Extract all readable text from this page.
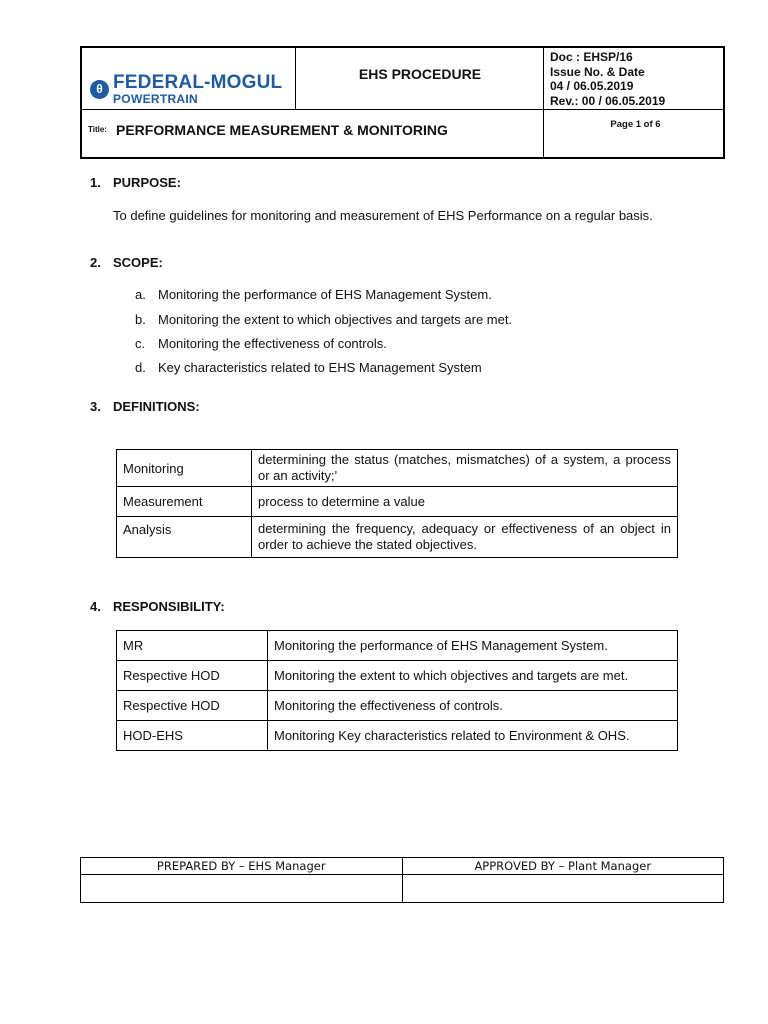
θ FEDERAL-MOGUL
POWERTRAIN
EHS PROCEDURE
Doc : EHSP/16
Issue No. & Date
04 / 06.05.2019
Rev.: 00 / 06.05.2019
Title: PERFORMANCE MEASUREMENT & MONITORING	Page 1 of 6
1. PURPOSE:
To define guidelines for monitoring and measurement of EHS Performance on a regular basis.
2. SCOPE:
a. Monitoring the performance of EHS Management System.
b. Monitoring the extent to which objectives and targets are met.
c. Monitoring the effectiveness of controls.
d. Key characteristics related to EHS Management System
3. DEFINITIONS:
Monitoring	determining the status (matches, mismatches) of a system, a process or an activity;'
Measurement	process to determine a value
Analysis	determining the frequency, adequacy or effectiveness of an object in order to achieve the stated objectives.
4. RESPONSIBILITY:
MR	Monitoring the performance of EHS Management System.
Respective HOD	Monitoring the extent to which objectives and targets are met.
Respective HOD	Monitoring the effectiveness of controls.
HOD-EHS	Monitoring Key characteristics related to Environment & OHS.
PREPARED BY – EHS Manager	APPROVED BY – Plant Manager
